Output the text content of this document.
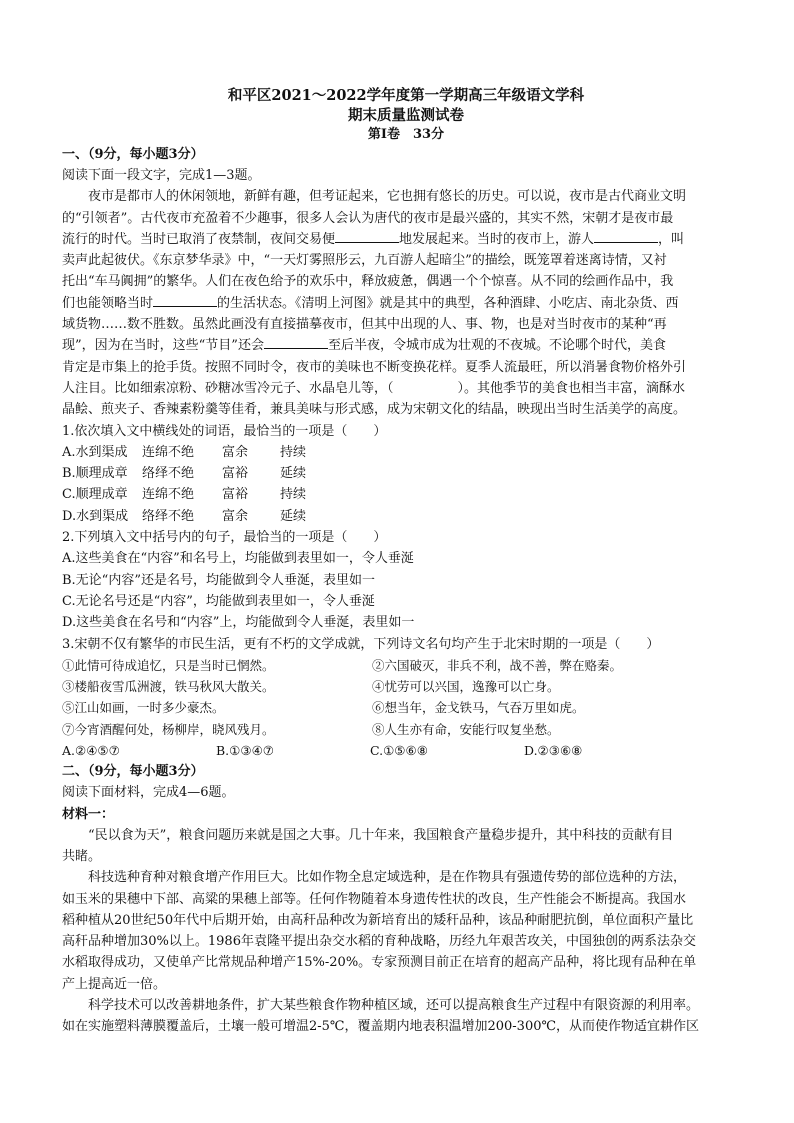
和平区2021～2022学年度第一学期高三年级语文学科
期末质量监测试卷
第Ⅰ卷　33分
一、（9分，每小题3分）
阅读下面一段文字，完成1—3题。
夜市是都市人的休闲领地，新鲜有趣，但考证起来，它也拥有悠长的历史。可以说，夜市是古代商业文明
的“引领者”。古代夜市充盈着不少趣事，很多人会认为唐代的夜市是最兴盛的，其实不然，宋朝才是夜市最
流行的时代。当时已取消了夜禁制，夜间交易便	地发展起来。当时的夜市上，游人	，叫
卖声此起彼伏。《东京梦华录》中，“一天灯雾照彤云，九百游人起暗尘”的描绘，既笼罩着迷离诗情，又衬
托出“车马阗拥”的繁华。人们在夜色给予的欢乐中，释放疲惫，偶遇一个个惊喜。从不同的绘画作品中，我
们也能领略当时	的生活状态。《清明上河图》就是其中的典型，各种酒肆、小吃店、南北杂货、西
域货物……数不胜数。虽然此画没有直接描摹夜市，但其中出现的人、事、物，也是对当时夜市的某种“再
现”，因为在当时，这些“节目”还会	至后半夜，令城市成为壮观的不夜城。不论哪个时代，美食
肯定是市集上的抢手货。按照不同时令，夜市的美味也不断变换花样。夏季人流最旺，所以消暑食物价格外引
人注目。比如细索凉粉、砂糖冰雪冷元子、水晶皂儿等，（	）。其他季节的美食也相当丰富，滴酥水
晶鲙、煎夹子、香辣素粉羹等佳肴，兼具美味与形式感，成为宋朝文化的结晶，映现出当时生活美学的高度。
1.依次填入文中横线处的词语，最恰当的一项是（　　）
A.水到渠成	连绵不绝	富余	持续
B.顺理成章	络绎不绝	富裕	延续
C.顺理成章	连绵不绝	富裕	持续
D.水到渠成	络绎不绝	富余	延续
2.下列填入文中括号内的句子，最恰当的一项是（　　）
A.这些美食在“内容”和名号上，均能做到表里如一，令人垂涎
B.无论“内容”还是名号，均能做到令人垂涎，表里如一
C.无论名号还是“内容”，均能做到表里如一，令人垂涎
D.这些美食在名号和“内容”上，均能做到令人垂涎，表里如一
3.宋朝不仅有繁华的市民生活，更有不朽的文学成就，下列诗文名句均产生于北宋时期的一项是（　　）
①此情可待成追忆，只是当时已惘然。	②六国破灭，非兵不利，战不善，弊在赂秦。
③楼船夜雪瓜洲渡，铁马秋风大散关。	④忧劳可以兴国，逸豫可以亡身。
⑤江山如画，一时多少豪杰。	⑥想当年，金戈铁马，气吞万里如虎。
⑦今宵酒醒何处，杨柳岸，晓风残月。	⑧人生亦有命，安能行叹复坐愁。
A.②④⑤⑦	B.①③④⑦	C.①⑤⑥⑧	D.②③⑥⑧
二、（9分，每小题3分）
阅读下面材料，完成4—6题。
材料一：
“民以食为天”，粮食问题历来就是国之大事。几十年来，我国粮食产量稳步提升，其中科技的贡献有目
共睹。
科技选种育种对粮食增产作用巨大。比如作物全息定域选种，是在作物具有强遗传势的部位选种的方法，
如玉米的果穗中下部、高粱的果穗上部等。任何作物随着本身遗传性状的改良，生产性能会不断提高。我国水
稻种植从20世纪50年代中后期开始，由高秆品种改为新培育出的矮秆品种，该品种耐肥抗倒，单位面积产量比
高秆品种增加30%以上。1986年袁隆平提出杂交水稻的育种战略，历经九年艰苦攻关，中国独创的两系法杂交
水稻取得成功，又使单产比常规品种增产15%-20%。专家预测目前正在培育的超高产品种，将比现有品种在单
产上提高近一倍。
科学技术可以改善耕地条件，扩大某些粮食作物种植区域，还可以提高粮食生产过程中有限资源的利用率。
如在实施塑料薄膜覆盖后，土壤一般可增温2-5℃，覆盖期内地表积温增加200-300℃，从而使作物适宜耕作区
